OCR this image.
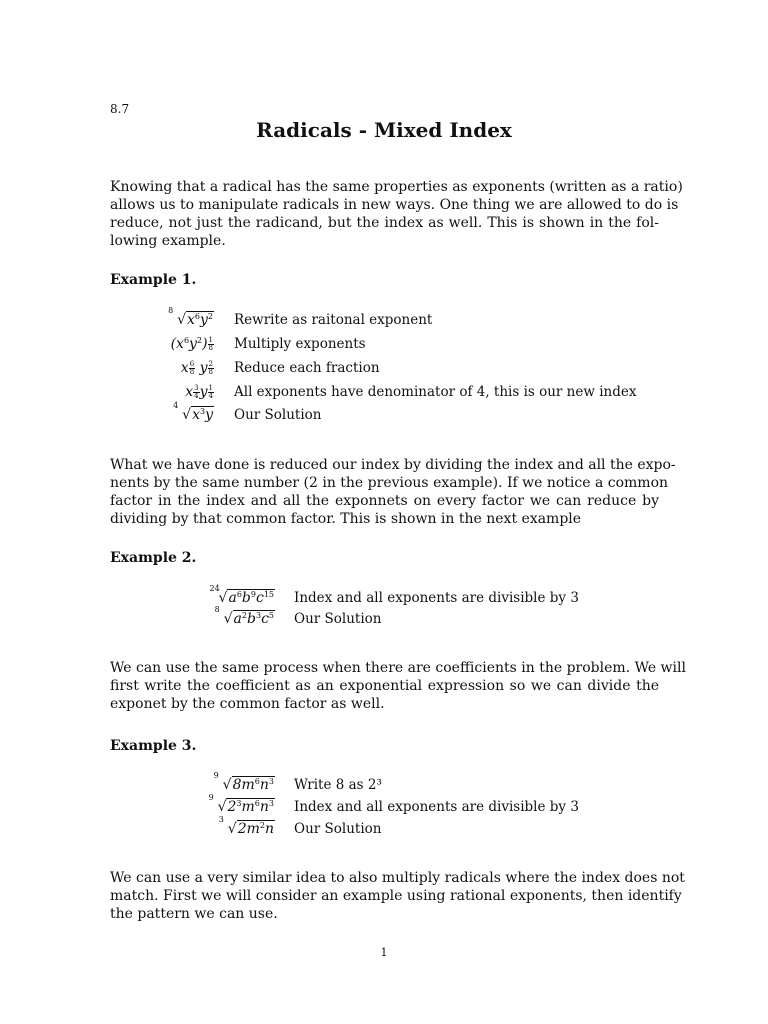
8.7
Radicals - Mixed Index

Knowing that a radical has the same properties as exponents (written as a ratio)
allows us to manipulate radicals in new ways. One thing we are allowed to do is
reduce, not just the radicand, but the index as well. This is shown in the fol-
lowing example.

Example 1.
8
$√x^6y^2$ Rewrite as raitonal exponent
$(x^6y^2) \frac{1}{8}$ Multiply exponents
x $\frac{6}{8}$ y $\frac{2}{8}$ Reduce each fraction
x $\frac{3}{4}$ y $\frac{1}{4}$ All exponents have denominator of 4, this is our new index
4
$√x^3y$ Our Solution

What we have done is reduced our index by dividing the index and all the expo-
nents by the same number (2 in the previous example). If we notice a common
factor in the index and all the exponnets on every factor we can reduce by
dividing by that common factor. This is shown in the next example

Example 2.
24
$√a^6b^9c^{15}$ Index and all exponents are divisible by 3
8
$√a^2b^3c^5$ Our Solution

We can use the same process when there are coefficients in the problem. We will
first write the coefficient as an exponential expression so we can divide the
exponet by the common factor as well.

Example 3.
9
$√8m^6n^3$ Write 8 as 2³
9
$√2^3m^6n^3$ Index and all exponents are divisible by 3
3
$√2m^2n$ Our Solution

We can use a very similar idea to also multiply radicals where the index does not
match. First we will consider an example using rational exponents, then identify
the pattern we can use.

1
